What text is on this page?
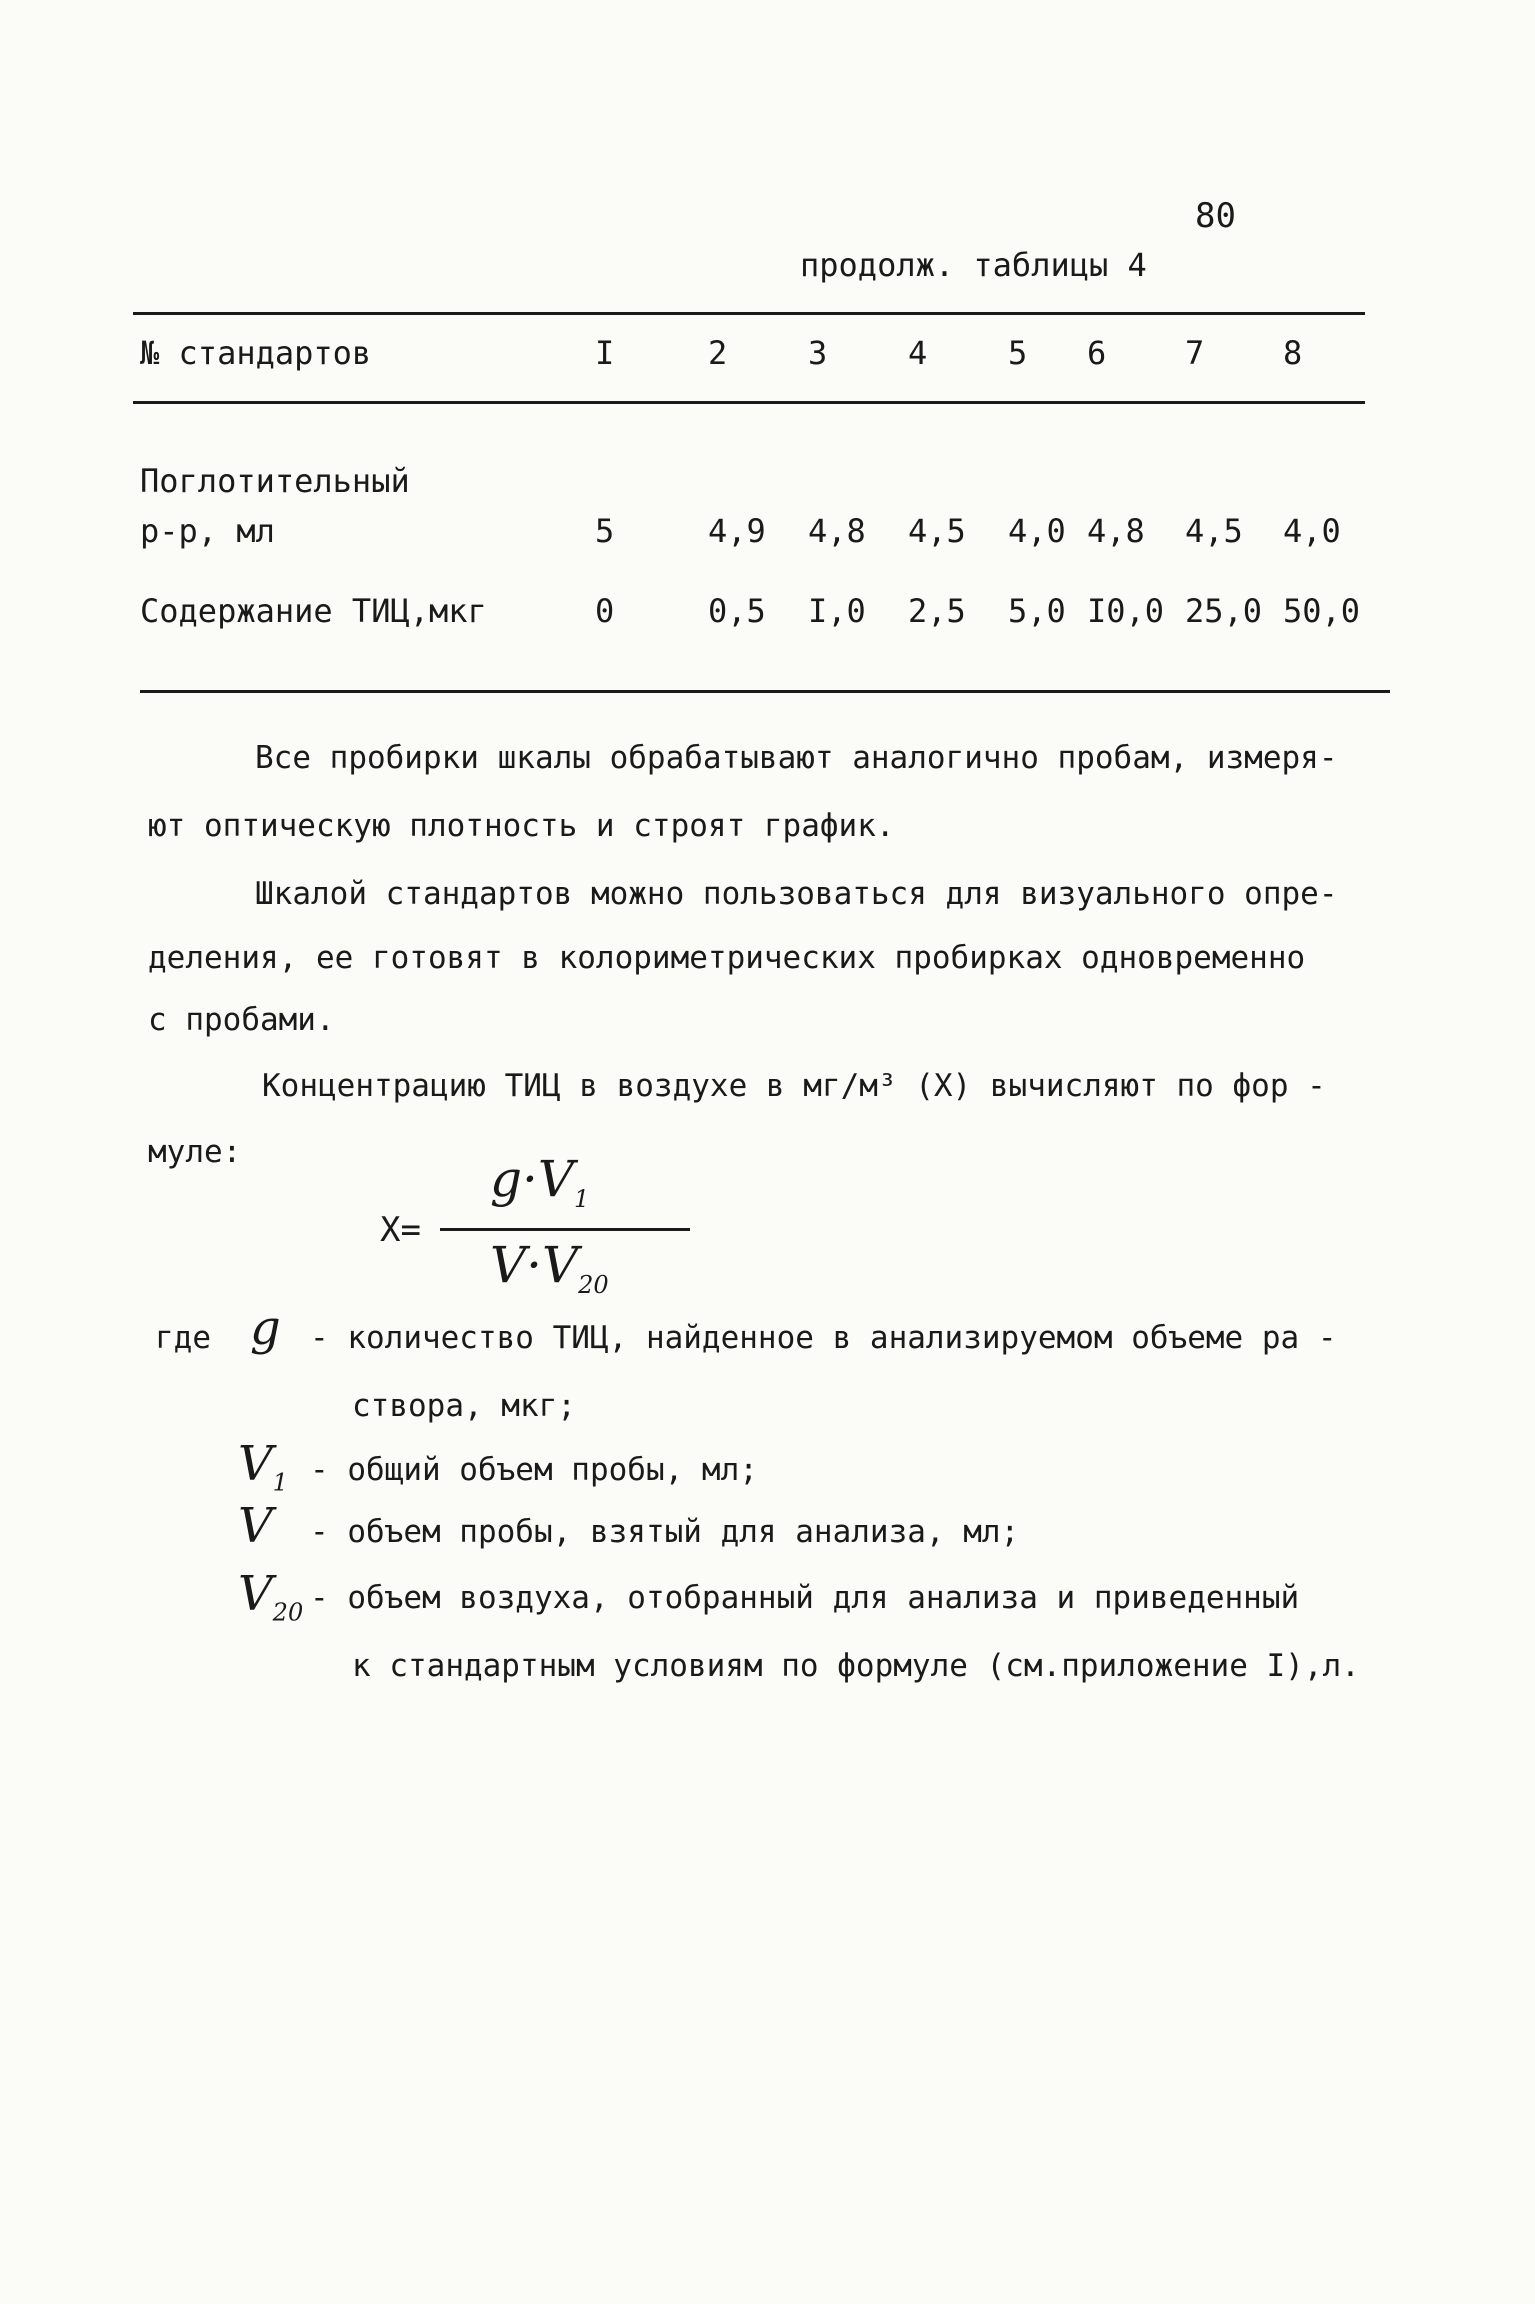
80
продолж. таблицы 4
№ стандартов	I	2	3	4	5 6 7 8
Поглотительный
р-р, мл	5	4,9 4,8 4,5 4,0 4,8 4,5 4,0
Содержание ТИЦ,мкг	0	0,5 I,0 2,5 5,0 I0,0 25,0 50,0
Все пробирки шкалы обрабатывают аналогично пробам, измеря-
ют оптическую плотность и строят график.
Шкалой стандартов можно пользоваться для визуального опре-
деления, ее готовят в колориметрических пробирках одновременно
с пробами.
Концентрацию ТИЦ в воздухе в мг/м³ (X) вычисляют по фор -
муле:
X=
$g\cdot V_1$
$V\cdot V_{20}$
где g - количество ТИЦ, найденное в анализируемом объеме ра -
створа, мкг;
$V_1$ - общий объем пробы, мл;
V - объем пробы, взятый для анализа, мл;
$V_{20}$ - объем воздуха, отобранный для анализа и приведенный
к стандартным условиям по формуле (см.приложение I),л.
